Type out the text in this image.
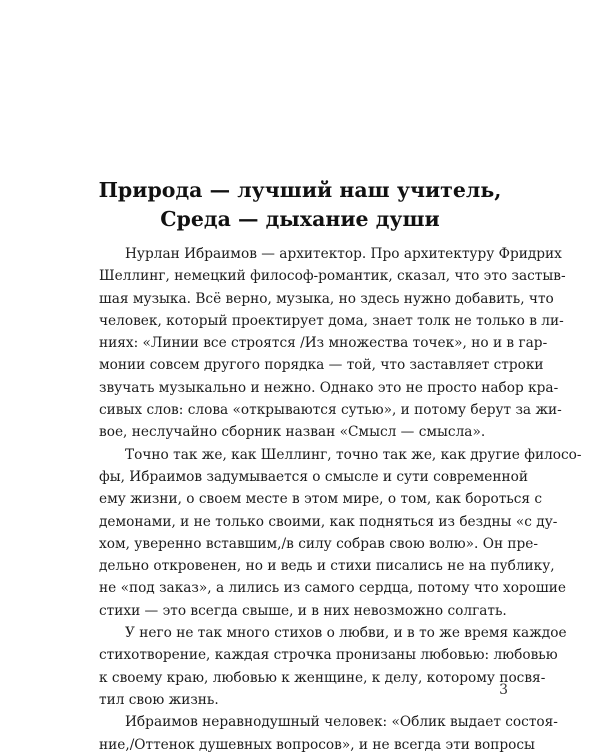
Природа — лучший наш учитель,
Среда — дыхание души
Нурлан Ибраимов — архитектор. Про архитектуру Фридрих
Шеллинг, немецкий философ-романтик, сказал, что это застыв-
шая музыка. Всё верно, музыка, но здесь нужно добавить, что
человек, который проектирует дома, знает толк не только в ли-
ниях: «Линии все строятся /Из множества точек», но и в гар-
монии совсем другого порядка — той, что заставляет строки
звучать музыкально и нежно. Однако это не просто набор кра-
сивых слов: слова «открываются сутью», и потому берут за жи-
вое, неслучайно сборник назван «Смысл — смысла».
Точно так же, как Шеллинг, точно так же, как другие филосо-
фы, Ибраимов задумывается о смысле и сути современной
ему жизни, о своем месте в этом мире, о том, как бороться с
демонами, и не только своими, как подняться из бездны «с ду-
хом, уверенно вставшим,/в силу собрав свою волю». Он пре-
дельно откровенен, но и ведь и стихи писались не на публику,
не «под заказ», а лились из самого сердца, потому что хорошие
стихи — это всегда свыше, и в них невозможно солгать.
У него не так много стихов о любви, и в то же время каждое
стихотворение, каждая строчка пронизаны любовью: любовью
к своему краю, любовью к женщине, к делу, которому посвя-
тил свою жизнь.
Ибраимов неравнодушный человек: «Облик выдает состоя-
ние,/Оттенок душевных вопросов», и не всегда эти вопросы
3
